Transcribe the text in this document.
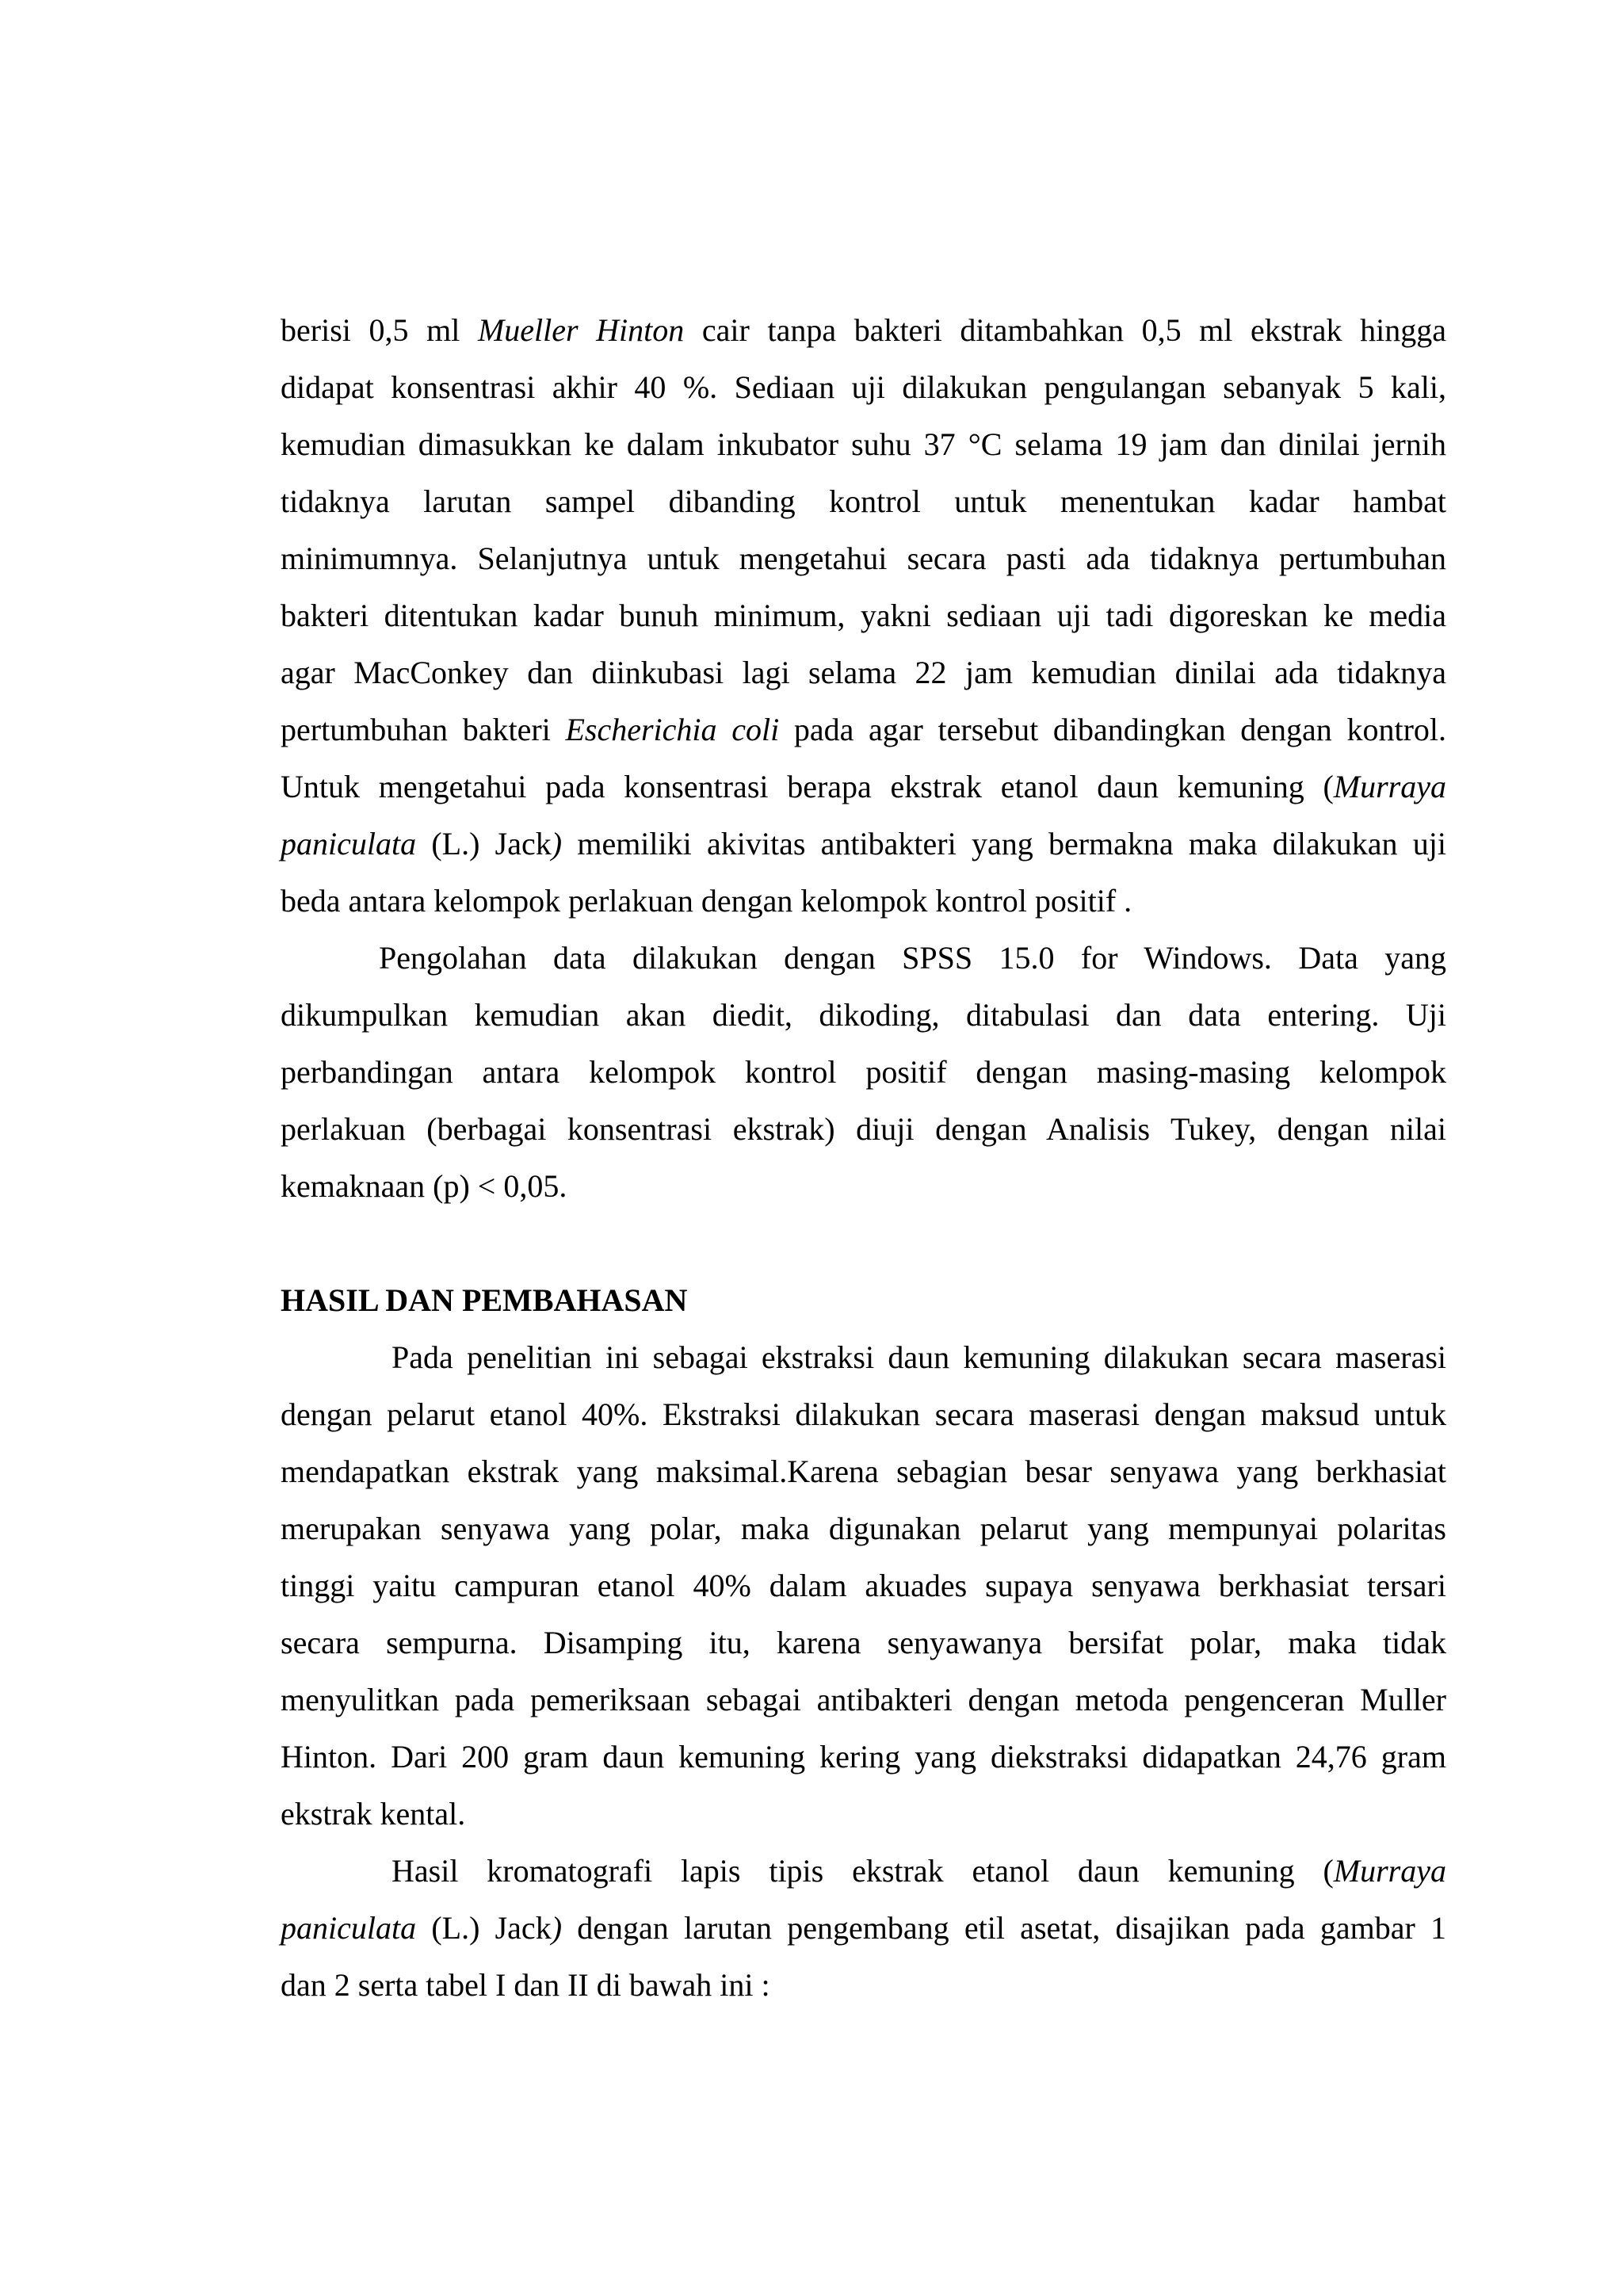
berisi 0,5 ml Mueller Hinton cair tanpa bakteri ditambahkan 0,5 ml ekstrak hingga
didapat konsentrasi akhir 40 %. Sediaan uji dilakukan pengulangan sebanyak 5 kali,
kemudian dimasukkan ke dalam inkubator suhu 37 °C selama 19 jam dan dinilai jernih
tidaknya larutan sampel dibanding kontrol untuk menentukan kadar hambat
minimumnya. Selanjutnya untuk mengetahui secara pasti ada tidaknya pertumbuhan
bakteri ditentukan kadar bunuh minimum, yakni sediaan uji tadi digoreskan ke media
agar MacConkey dan diinkubasi lagi selama 22 jam kemudian dinilai ada tidaknya
pertumbuhan bakteri Escherichia coli pada agar tersebut dibandingkan dengan kontrol.
Untuk mengetahui pada konsentrasi berapa ekstrak etanol daun kemuning (Murraya
paniculata (L.) Jack) memiliki akivitas antibakteri yang bermakna maka dilakukan uji
beda antara kelompok perlakuan dengan kelompok kontrol positif .
Pengolahan data dilakukan dengan SPSS 15.0 for Windows. Data yang
dikumpulkan kemudian akan diedit, dikoding, ditabulasi dan data entering. Uji
perbandingan antara kelompok kontrol positif dengan masing-masing kelompok
perlakuan (berbagai konsentrasi ekstrak) diuji dengan Analisis Tukey, dengan nilai
kemaknaan (p) < 0,05.
HASIL DAN PEMBAHASAN
Pada penelitian ini sebagai ekstraksi daun kemuning dilakukan secara maserasi
dengan pelarut etanol 40%. Ekstraksi dilakukan secara maserasi dengan maksud untuk
mendapatkan ekstrak yang maksimal.Karena sebagian besar senyawa yang berkhasiat
merupakan senyawa yang polar, maka digunakan pelarut yang mempunyai polaritas
tinggi yaitu campuran etanol 40% dalam akuades supaya senyawa berkhasiat tersari
secara sempurna. Disamping itu, karena senyawanya bersifat polar, maka tidak
menyulitkan pada pemeriksaan sebagai antibakteri dengan metoda pengenceran Muller
Hinton. Dari 200 gram daun kemuning kering yang diekstraksi didapatkan 24,76 gram
ekstrak kental.
Hasil kromatografi lapis tipis ekstrak etanol daun kemuning (Murraya
paniculata (L.) Jack) dengan larutan pengembang etil asetat, disajikan pada gambar 1
dan 2 serta tabel I dan II di bawah ini :
